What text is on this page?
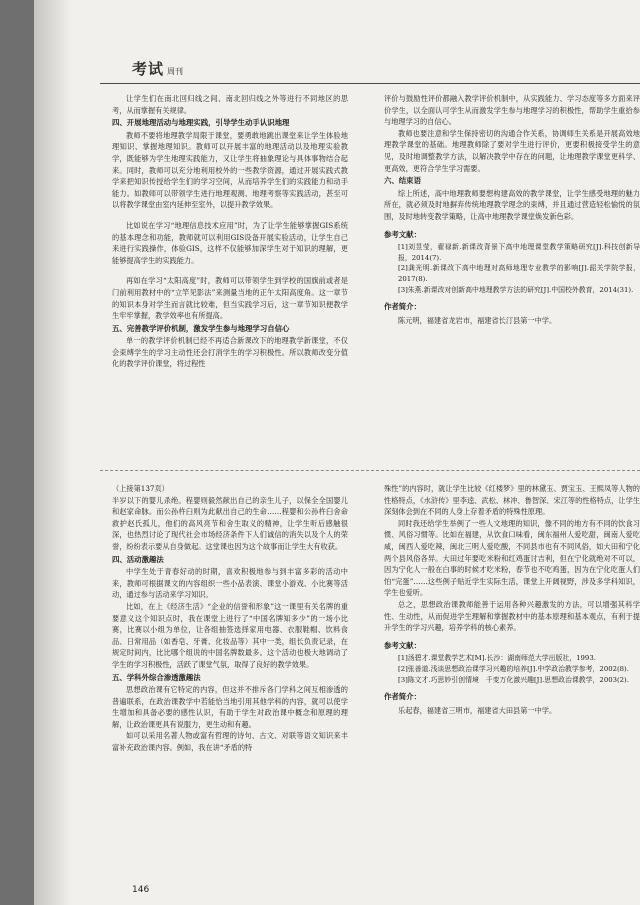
考试 周刊

让学生们在南北回归线之间、南北回归线之外等进行不同地区的思考，从而掌握有关规律。

四、开展地理活动与地理实践，引导学生动手认识地理

教师不要将地理教学局限于课堂，要勇敢地跳出课堂来让学生体验地理知识、掌握地理知识。教师可以开展丰富的地理活动以及地理实验教学，既能够为学生地理实践能力，又让学生将抽象理论与具体事物结合起来。同时，教师可以充分地利用校外的一些教学资源，通过开展实践式教学来把知识传授给学生们的学习空间，从而培养学生们的实践能力和动手能力。如教师可以带领学生进行地理观测、地理考察等实践活动，甚至可以将教学课堂由室内延伸至室外，以提升教学效果。

比如说在学习“地理信息技术应用”时，为了让学生能够掌握GIS系统的基本理念和功能，教师就可以利用GIS设备开展实验活动，让学生自己来进行实践操作，体验GIS，这样不仅能够加深学生对于知识的理解，更能够提高学生的实践能力。

再如在学习“太阳高度”时，教师可以带领学生到学校的国旗前或者是门前利用教材中的“立竿见影法”来测量当地的正午太阳高度角。这一章节的知识本身对学生而言就比较难，但当实践学习后，这一章节知识便教学生牢牢掌握，教学效率也有所提高。

五、完善教学评价机制，激发学生参与地理学习自信心

单一的教学评价机制已经不再适合新课改下的地理教学新课堂，不仅会束缚学生的学习主动性还会打消学生的学习积极性。所以教师改变分值化的教学评价课堂，将过程性

评价与鼓励性评价都融入教学评价机制中，从实践能力、学习态度等多方面来评价学生，以全面认可学生从而激发学生参与地理学习的积极性，帮助学生重拾参与地理学习的自信心。

教师也要注意和学生保持密切的沟通合作关系，协调师生关系是开展高效地理教学课堂的基础。地理教师除了要对学生进行评价，更要积极接受学生的意见，及时地调整教学方法，以解决教学中存在的问题，让地理教学课堂更科学、更高效，更符合学生学习需要。

六、结束语

综上所述，高中地理教师要想构建高效的教学课堂，让学生感受地理的魅力所在，就必须及时地摒弃传统地理教学理念的束缚，并且通过营造轻松愉悦的氛围，及时地转变教学策略，让高中地理教学课堂焕发新色彩。

参考文献：

[1]刘昱莹，翟禄新.新课改背景下高中地理课堂教学策略研究[J].科技创新导报，2014(7).

[2]龚光明.新课改下高中地理对高师地理专业教学的影响[J].韶关学院学报，2017(8).

[3]朱燕.新课改对创新高中地理教学方法的研究[J].中国校外教育，2014(31).

作者简介：

陈元明，福建省龙岩市，福建省长汀县第一中学。

（上接第137页）

半岁以下的婴儿杀绝。程婴则毅然献出自己的亲生儿子，以保全全国婴儿和赵家命脉。而公孙杵臼则为此献出自己的生命……程婴和公孙杵臼舍命救护赵氏孤儿，他们的高风亮节和舍生取义的精神，让学生听后感触很深，也热烈讨论了现代社会市场经济条件下人们诚信的消失以及个人的荣誉，纷纷表示要从自身做起。这堂课也因为这个故事而让学生大有收获。

四、活动激趣法

中学生处于青春好动的时期，喜欢积极地参与到丰富多彩的活动中来，教师可根据课文的内容组织一些小品表演、课堂小游戏、小比赛等活动，通过参与活动来学习知识。

比如，在上《经济生活》“企业的信誉和形象”这一课里有关名牌的重要意义这个知识点时，我在课堂上进行了“中国名牌知多少”的一场小比赛，比赛以小组为单位，让各组抽签选择家用电器、衣服鞋帽、饮料食品、日常用品（如香皂、牙膏、化妆品等）其中一类，组长负责记录，在规定时间内，比比哪个组说的中国名牌数最多。这个活动也极大地调动了学生的学习积极性，活跃了课堂气氛，取得了良好的教学效果。

五、学科外综合渗透激趣法

思想政治课有它特定的内容，但这并不排斥各门学科之间互相渗透的普遍联系，在政治课教学中若能恰当地引用其他学科的内容，就可以使学生增加和具备必要的感性认识，有助于学生对政治课中概念和原理的理解，让政治课更具有说服力，更生动和有趣。

如可以采用名著人物或富有哲理的诗句、古文、对联等语文知识来丰富补充政治课内容。例如，我在讲“矛盾的特

殊性”的内容时，就让学生比较《红楼梦》里的林黛玉、贾宝玉、王熙凤等人物的性格特点，《水浒传》里李逵、武松、林冲、鲁智深、宋江等的性格特点，让学生深刻体会到在不同的人身上存着矛盾的特殊性原理。

同时我还给学生举例了一些人文地理的知识，像不同的地方有不同的饮食习惯、风俗习惯等。比如在福建，从饮食口味看，闽东福州人爱吃甜，闽南人爱吃咸，闽西人爱吃辣，闽北三明人爱吃酸，不同县市也有不同风俗，如大田和宁化两个县风俗各异。大田过年要吃米粉和红鸡蛋讨吉利，但在宁化就绝对不可以，因为宁化人一般在白事的时候才吃米粉，春节也不吃鸡蛋，因为在宁化吃蛋人们怕“完蛋”……这些例子贴近学生实际生活，课堂上开阔视野，涉及多学科知识，学生也爱听。

总之，思想政治课教师能善于运用各种兴趣激发的方法，可以增强其科学性、生动性，从而促进学生理解和掌握教材中的基本原理和基本观点，有利于提升学生的学习兴趣，培养学科的核心素养。

参考文献：

[1]汤碧才.课堂教学艺术[M].长沙：湖南师范大学出版社，1993.

[2]张善道.浅谈思想政治课学习兴趣的培养[J].中学政治教学参考，2002(8).

[3]陈文才.巧思妙引创情境　千变万化激兴趣[J].思想政治课教学，2003(2).

作者简介：

乐起春，福建省三明市，福建省大田县第一中学。

146
